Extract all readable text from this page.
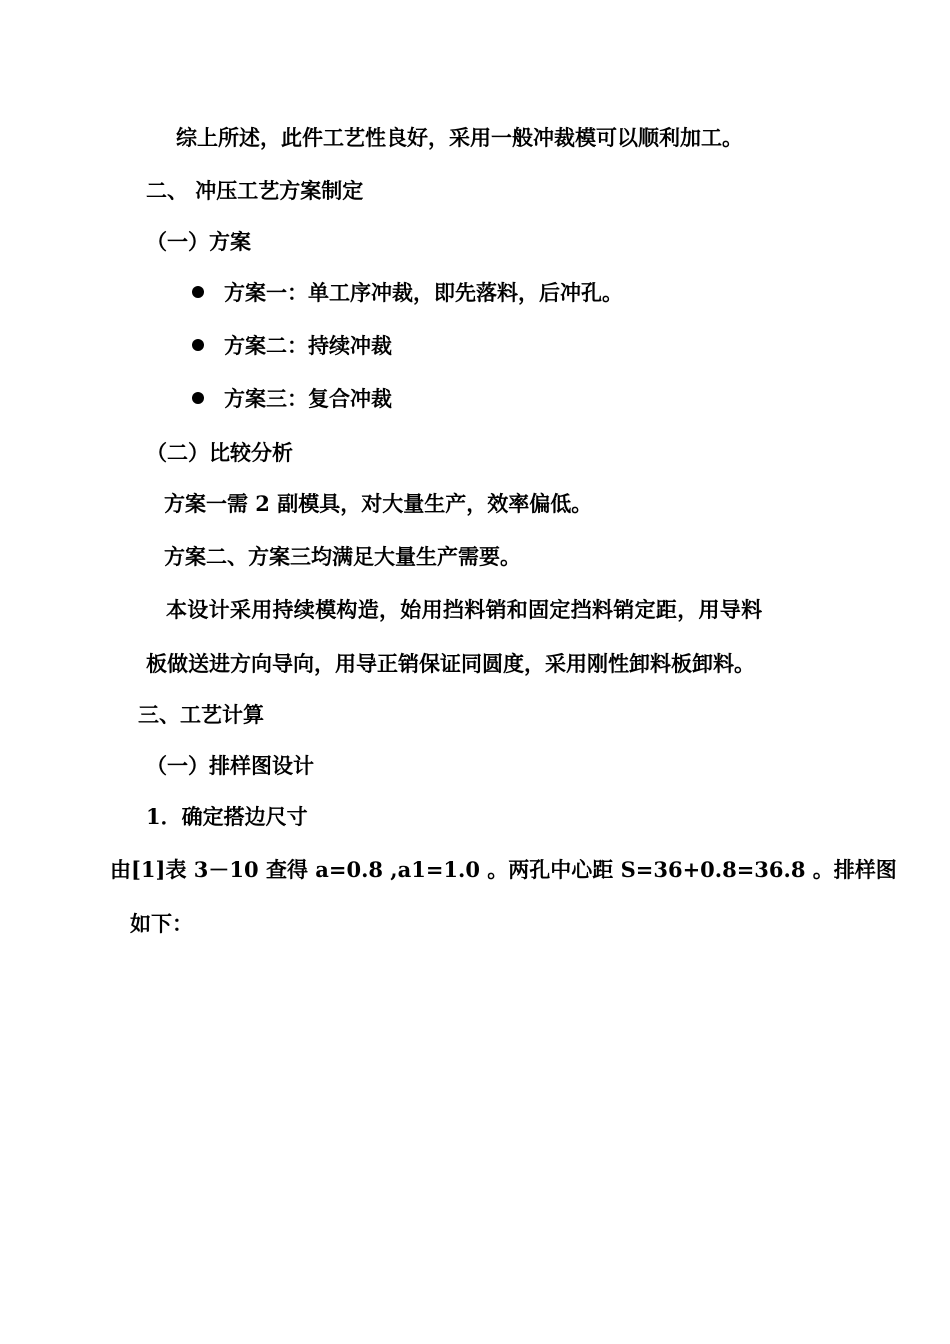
综上所述，此件工艺性良好，采用一般冲裁模可以顺利加工。
二、 冲压工艺方案制定
（一）方案
方案一：单工序冲裁，即先落料，后冲孔。
方案二：持续冲裁
方案三：复合冲裁
（二）比较分析
方案一需 2 副模具，对大量生产，效率偏低。
方案二、方案三均满足大量生产需要。
本设计采用持续模构造，始用挡料销和固定挡料销定距，用导料
板做送进方向导向，用导正销保证同圆度，采用刚性卸料板卸料。
三、工艺计算
（一）排样图设计
1．确定搭边尺寸
由[1]表 3－10 查得 a=0.8 ,a1=1.0 。两孔中心距 S=36+0.8=36.8 。排样图
如下：
